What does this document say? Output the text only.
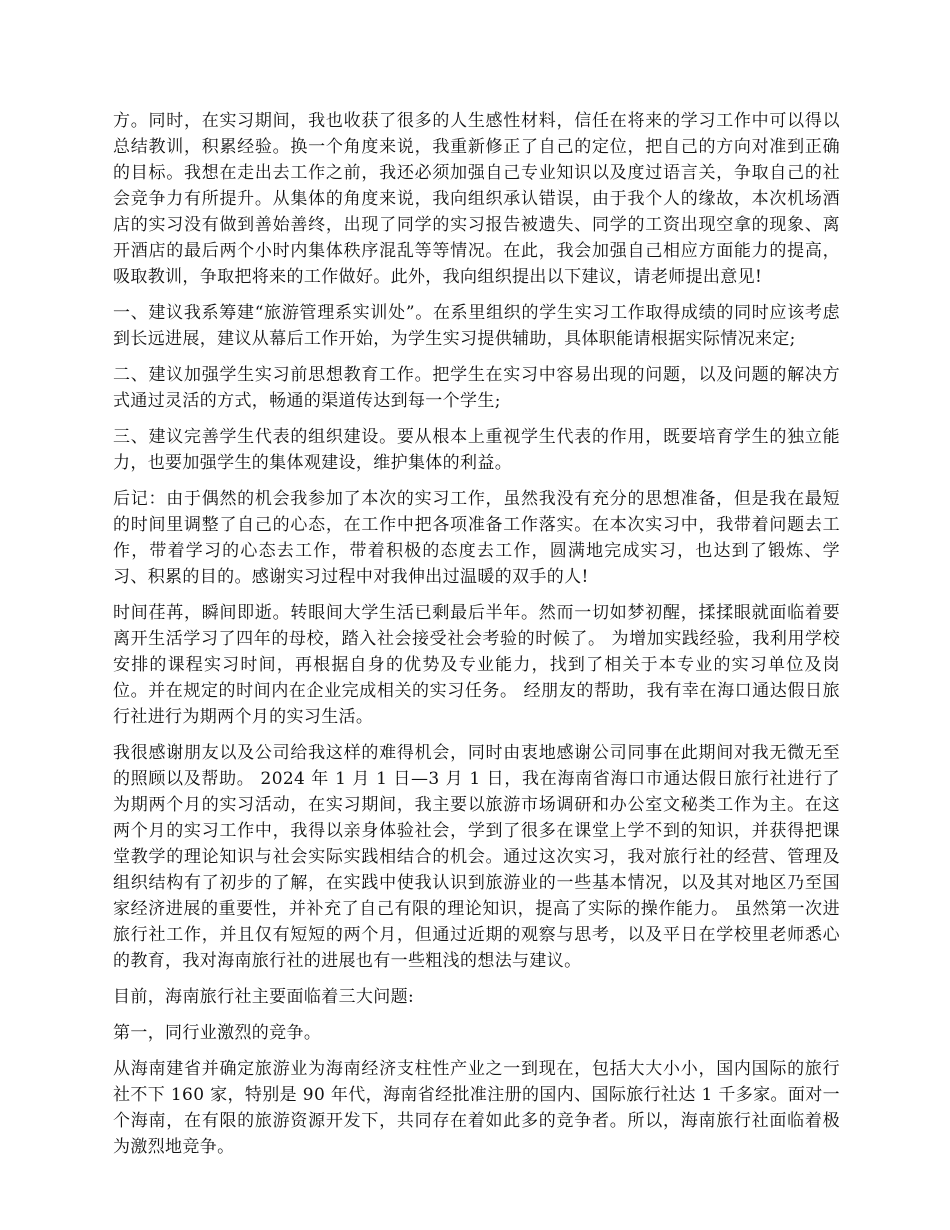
方。同时，在实习期间，我也收获了很多的人生感性材料，信任在将来的学习工作中可以得以总结教训，积累经验。换一个角度来说，我重新修正了自己的定位，把自己的方向对准到正确的目标。我想在走出去工作之前，我还必须加强自己专业知识以及度过语言关，争取自己的社会竞争力有所提升。从集体的角度来说，我向组织承认错误，由于我个人的缘故，本次机场酒店的实习没有做到善始善终，出现了同学的实习报告被遗失、同学的工资出现空拿的现象、离开酒店的最后两个小时内集体秩序混乱等等情况。在此，我会加强自己相应方面能力的提高，吸取教训，争取把将来的工作做好。此外，我向组织提出以下建议，请老师提出意见!

一、建议我系筹建“旅游管理系实训处”。在系里组织的学生实习工作取得成绩的同时应该考虑到长远进展，建议从幕后工作开始，为学生实习提供辅助，具体职能请根据实际情况来定;

二、建议加强学生实习前思想教育工作。把学生在实习中容易出现的问题，以及问题的解决方式通过灵活的方式，畅通的渠道传达到每一个学生;

三、建议完善学生代表的组织建设。要从根本上重视学生代表的作用，既要培育学生的独立能力，也要加强学生的集体观建设，维护集体的利益。

后记：由于偶然的机会我参加了本次的实习工作，虽然我没有充分的思想准备，但是我在最短的时间里调整了自己的心态，在工作中把各项准备工作落实。在本次实习中，我带着问题去工作，带着学习的心态去工作，带着积极的态度去工作，圆满地完成实习，也达到了锻炼、学习、积累的目的。感谢实习过程中对我伸出过温暖的双手的人!

时间荏苒，瞬间即逝。转眼间大学生活已剩最后半年。然而一切如梦初醒，揉揉眼就面临着要离开生活学习了四年的母校，踏入社会接受社会考验的时候了。 为增加实践经验，我利用学校安排的课程实习时间，再根据自身的优势及专业能力，找到了相关于本专业的实习单位及岗位。并在规定的时间内在企业完成相关的实习任务。 经朋友的帮助，我有幸在海口通达假日旅行社进行为期两个月的实习生活。

我很感谢朋友以及公司给我这样的难得机会，同时由衷地感谢公司同事在此期间对我无微无至的照顾以及帮助。 2024 年 1 月 1 日—3 月 1 日，我在海南省海口市通达假日旅行社进行了为期两个月的实习活动，在实习期间，我主要以旅游市场调研和办公室文秘类工作为主。在这两个月的实习工作中，我得以亲身体验社会，学到了很多在课堂上学不到的知识，并获得把课堂教学的理论知识与社会实际实践相结合的机会。通过这次实习，我对旅行社的经营、管理及组织结构有了初步的了解，在实践中使我认识到旅游业的一些基本情况，以及其对地区乃至国家经济进展的重要性，并补充了自己有限的理论知识，提高了实际的操作能力。 虽然第一次进旅行社工作，并且仅有短短的两个月，但通过近期的观察与思考，以及平日在学校里老师悉心的教育，我对海南旅行社的进展也有一些粗浅的想法与建议。

目前，海南旅行社主要面临着三大问题:

第一，同行业激烈的竞争。

从海南建省并确定旅游业为海南经济支柱性产业之一到现在，包括大大小小，国内国际的旅行社不下 160 家，特别是 90 年代，海南省经批准注册的国内、国际旅行社达 1 千多家。面对一个海南，在有限的旅游资源开发下，共同存在着如此多的竞争者。所以，海南旅行社面临着极为激烈地竞争。
